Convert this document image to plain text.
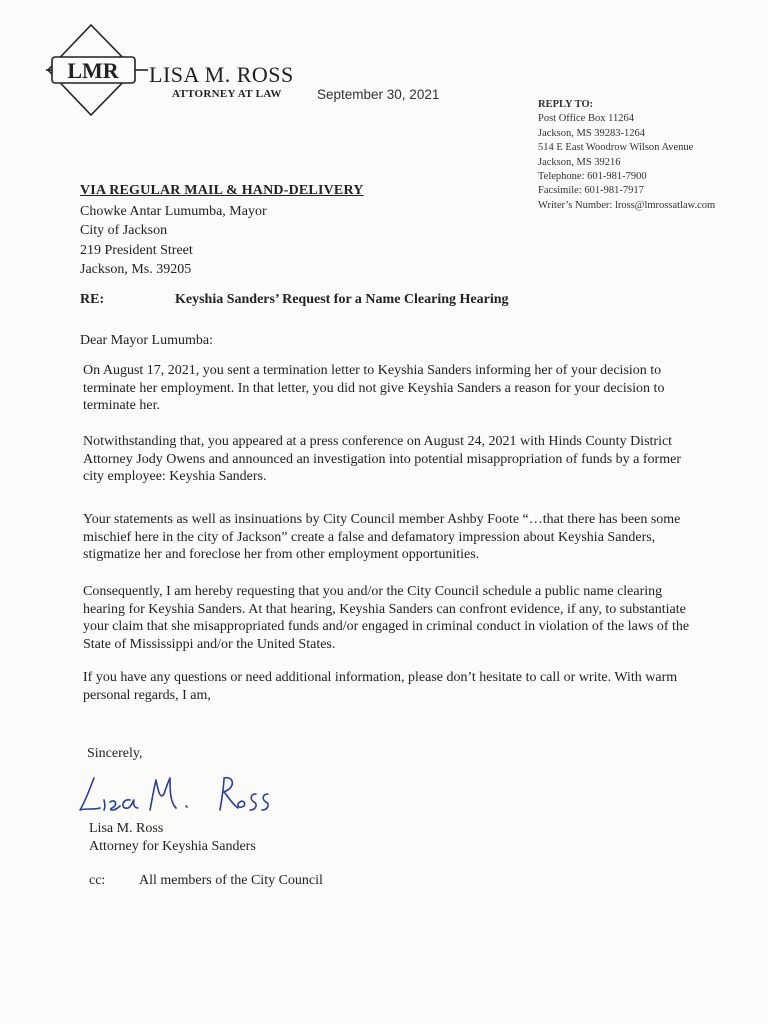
LMR LISA M. ROSS
ATTORNEY AT LAW	September 30, 2021
REPLY TO:
Post Office Box 11264
Jackson, MS 39283-1264
514 E East Woodrow Wilson Avenue
Jackson, MS 39216
Telephone: 601-981-7900
Facsimile: 601-981-7917
Writer’s Number: lross@lmrossatlaw.com
VIA REGULAR MAIL & HAND-DELIVERY
Chowke Antar Lumumba, Mayor
City of Jackson
219 President Street
Jackson, Ms. 39205
RE:	Keyshia Sanders’ Request for a Name Clearing Hearing
Dear Mayor Lumumba:
On August 17, 2021, you sent a termination letter to Keyshia Sanders informing her of your decision to terminate her employment. In that letter, you did not give Keyshia Sanders a reason for your decision to terminate her.
Notwithstanding that, you appeared at a press conference on August 24, 2021 with Hinds County District Attorney Jody Owens and announced an investigation into potential misappropriation of funds by a former city employee: Keyshia Sanders.
Your statements as well as insinuations by City Council member Ashby Foote “…that there has been some mischief here in the city of Jackson” create a false and defamatory impression about Keyshia Sanders, stigmatize her and foreclose her from other employment opportunities.
Consequently, I am hereby requesting that you and/or the City Council schedule a public name clearing hearing for Keyshia Sanders. At that hearing, Keyshia Sanders can confront evidence, if any, to substantiate your claim that she misappropriated funds and/or engaged in criminal conduct in violation of the laws of the State of Mississippi and/or the United States.
If you have any questions or need additional information, please don’t hesitate to call or write. With warm personal regards, I am,
Sincerely,
Lisa M. Ross
Attorney for Keyshia Sanders
cc: All members of the City Council
